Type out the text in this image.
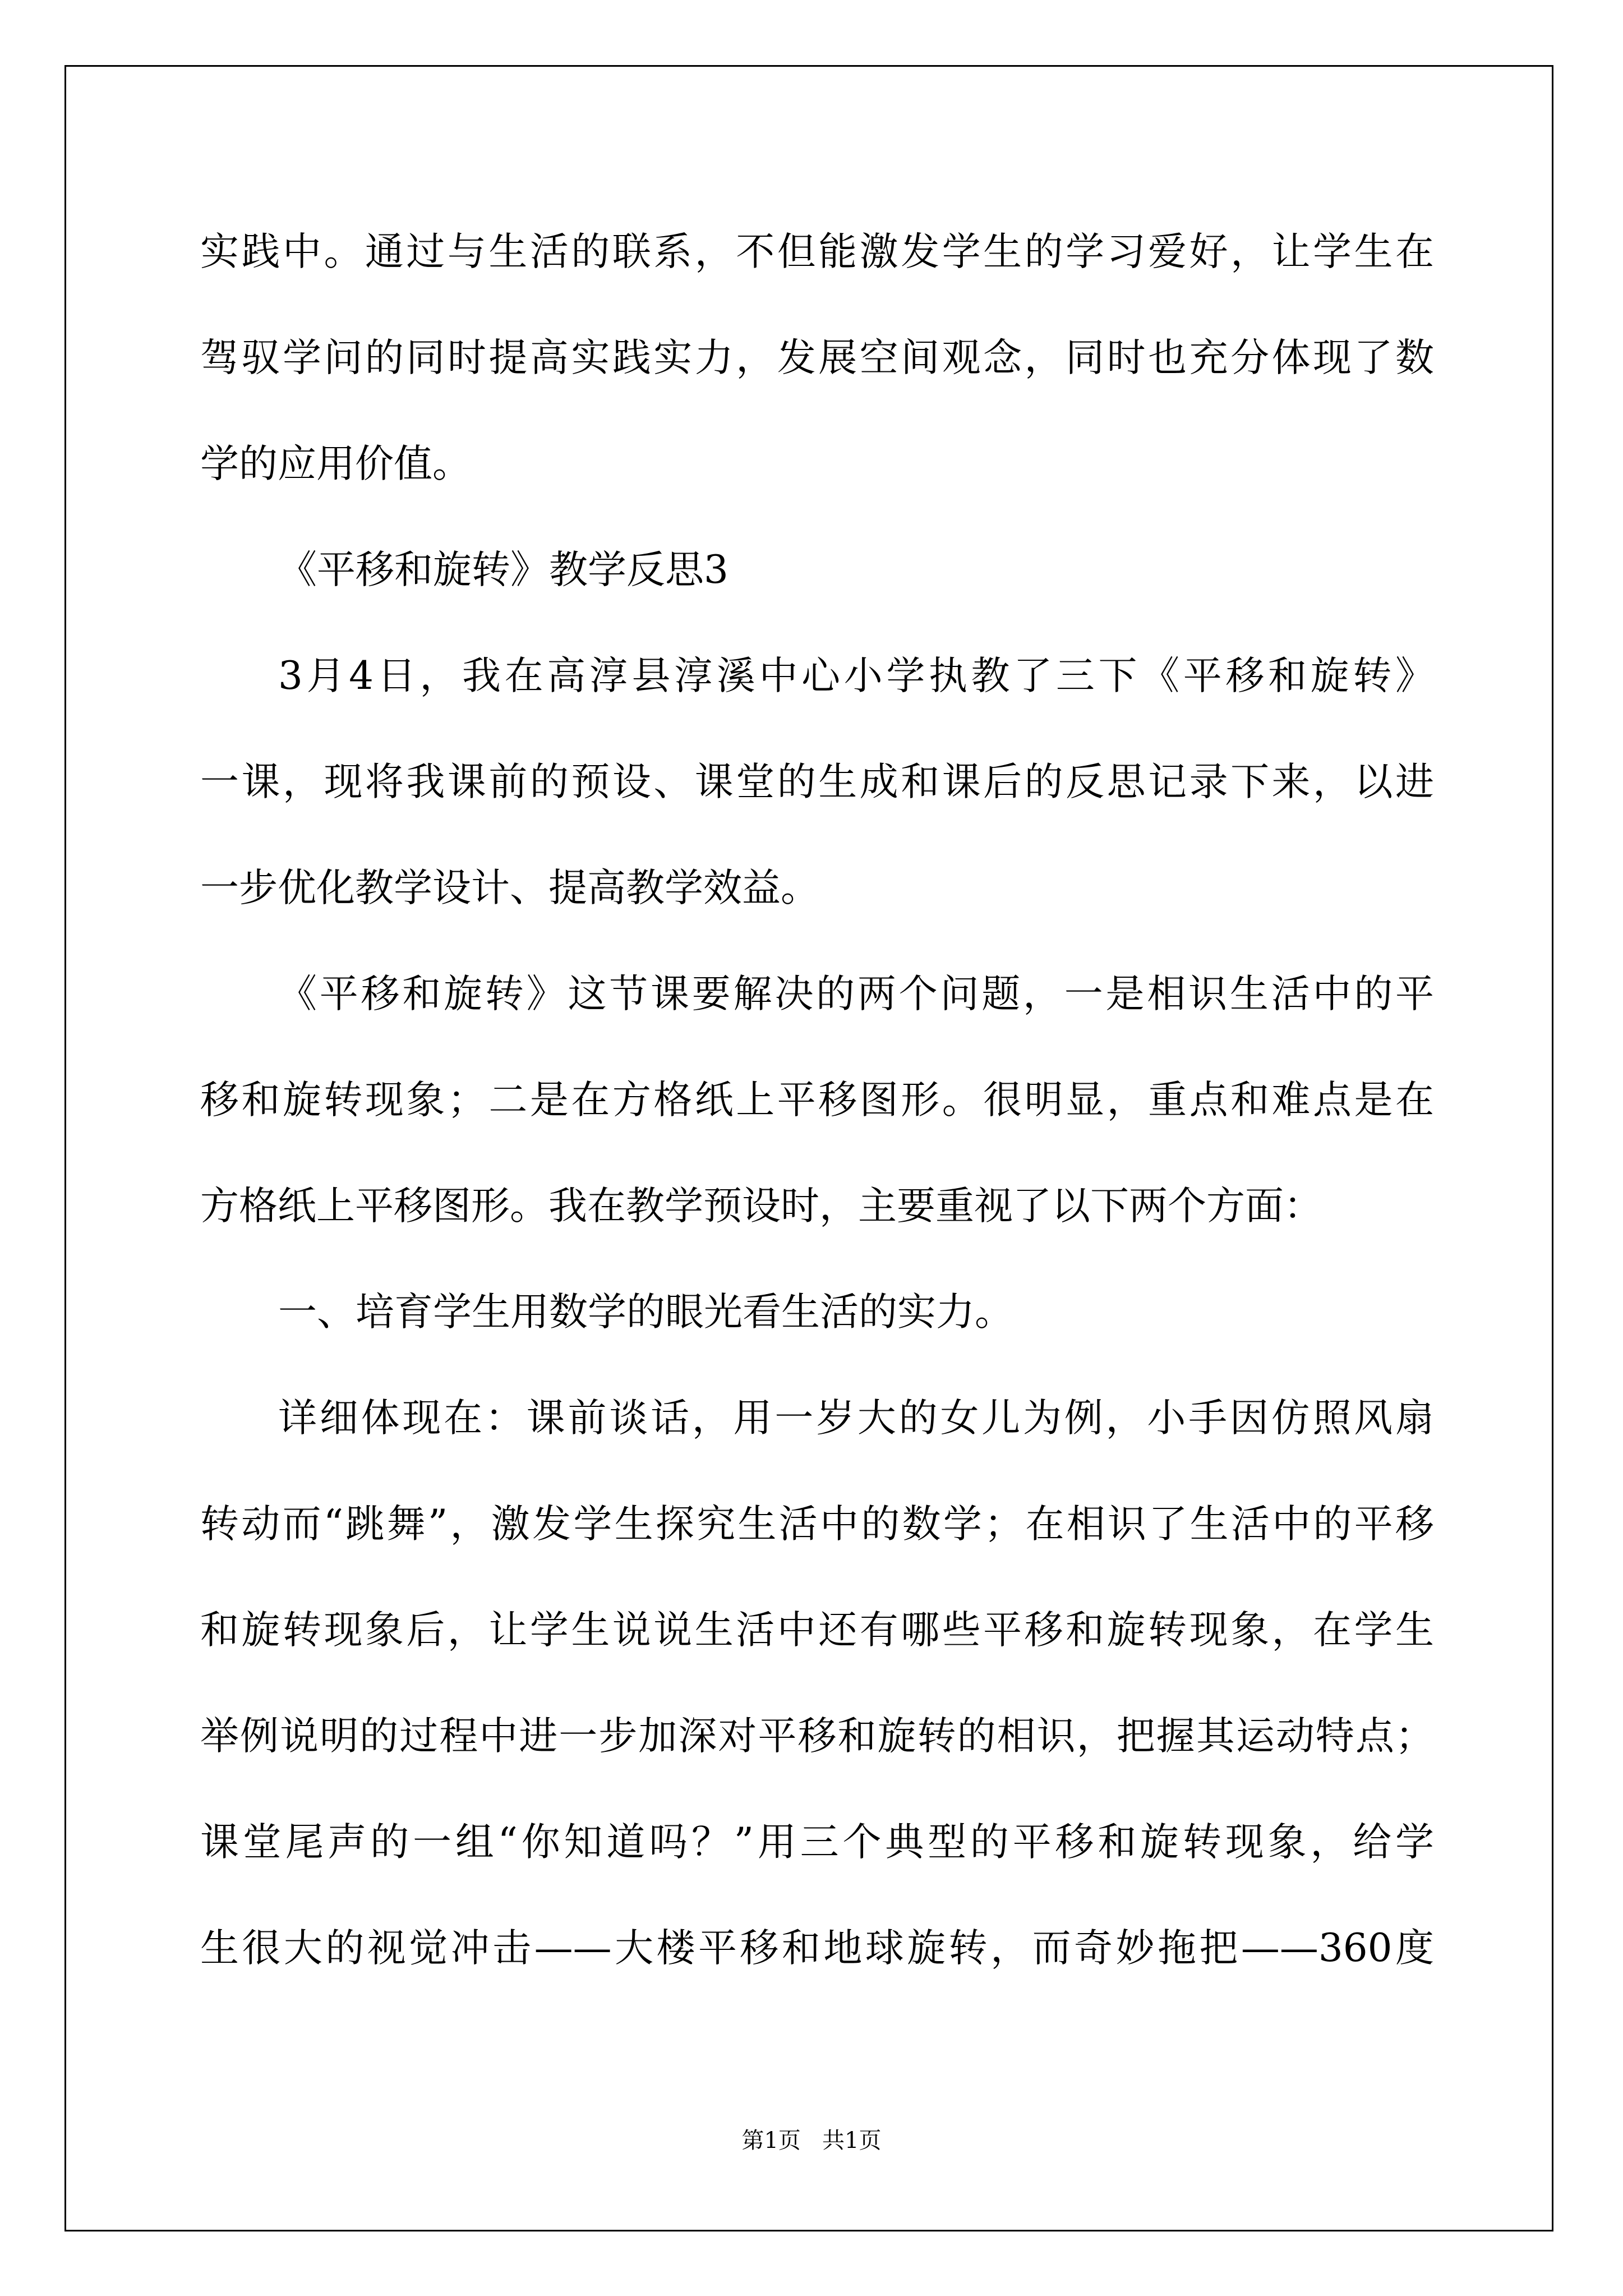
实践中。通过与生活的联系，不但能激发学生的学习爱好，让学生在
驾驭学问的同时提高实践实力，发展空间观念，同时也充分体现了数
学的应用价值。
《平移和旋转》教学反思3
3月4日，我在高淳县淳溪中心小学执教了三下《平移和旋转》
一课，现将我课前的预设、课堂的生成和课后的反思记录下来，以进
一步优化教学设计、提高教学效益。
《平移和旋转》这节课要解决的两个问题，一是相识生活中的平
移和旋转现象；二是在方格纸上平移图形。很明显，重点和难点是在
方格纸上平移图形。我在教学预设时，主要重视了以下两个方面：
一、培育学生用数学的眼光看生活的实力。
详细体现在：课前谈话，用一岁大的女儿为例，小手因仿照风扇
转动而“跳舞”，激发学生探究生活中的数学；在相识了生活中的平移
和旋转现象后，让学生说说生活中还有哪些平移和旋转现象，在学生
举例说明的过程中进一步加深对平移和旋转的相识，把握其运动特点；
课堂尾声的一组“你知道吗？”用三个典型的平移和旋转现象，给学
生很大的视觉冲击——大楼平移和地球旋转，而奇妙拖把——360度
第1页   共1页
